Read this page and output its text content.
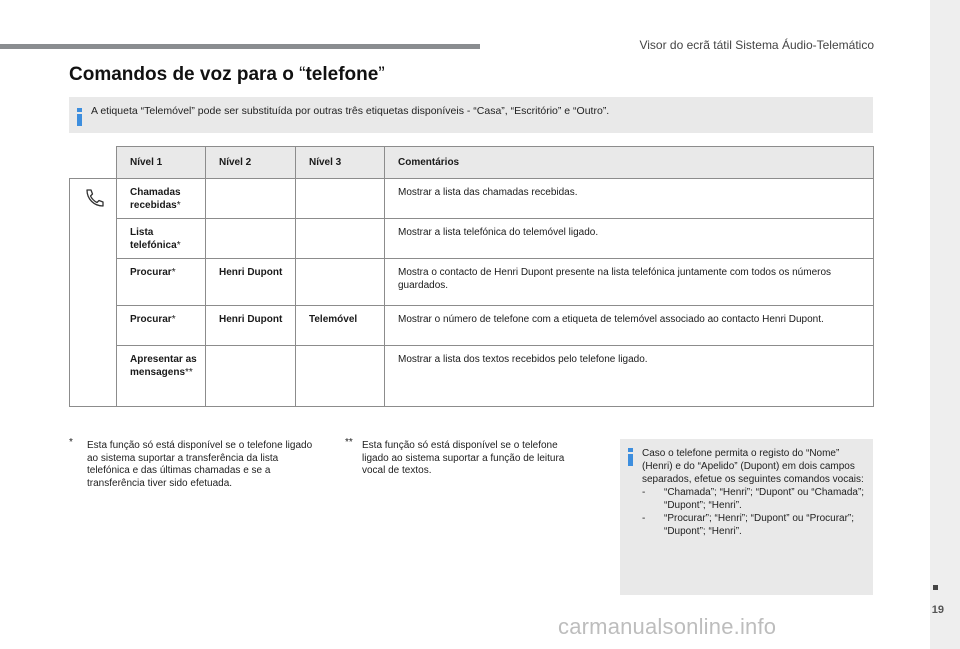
Visor do ecrã tátil Sistema Áudio-Telemático
19
Comandos de voz para o “telefone”
A etiqueta “Telemóvel” pode ser substituída por outras três etiquetas disponíveis - “Casa”, “Escritório” e “Outro”.
	Nível 1	Nível 2	Nível 3	Comentários

	Chamadas recebidas*			Mostrar a lista das chamadas recebidas.
	Lista telefónica*			Mostrar a lista telefónica do telemóvel ligado.
	Procurar*	Henri Dupont		Mostra o contacto de Henri Dupont presente na lista telefónica juntamente com todos os números guardados.
	Procurar*	Henri Dupont	Telemóvel	Mostrar o número de telefone com a etiqueta de telemóvel associado ao contacto Henri Dupont.
	Apresentar as mensagens**			Mostrar a lista dos textos recebidos pelo telefone ligado.
* Esta função só está disponível se o telefone ligado ao sistema suportar a transferência da lista telefónica e das últimas chamadas e se a transferência tiver sido efetuada.
** Esta função só está disponível se o telefone ligado ao sistema suportar a função de leitura vocal de textos.
Caso o telefone permita o registo do “Nome” (Henri) e do “Apelido” (Dupont) em dois campos separados, efetue os seguintes comandos vocais:
- “Chamada”; “Henri”; “Dupont” ou “Chamada”; “Dupont”; “Henri”.
- “Procurar”; “Henri”; “Dupont” ou “Procurar”; “Dupont”; “Henri”.
carmanualsonline.info
